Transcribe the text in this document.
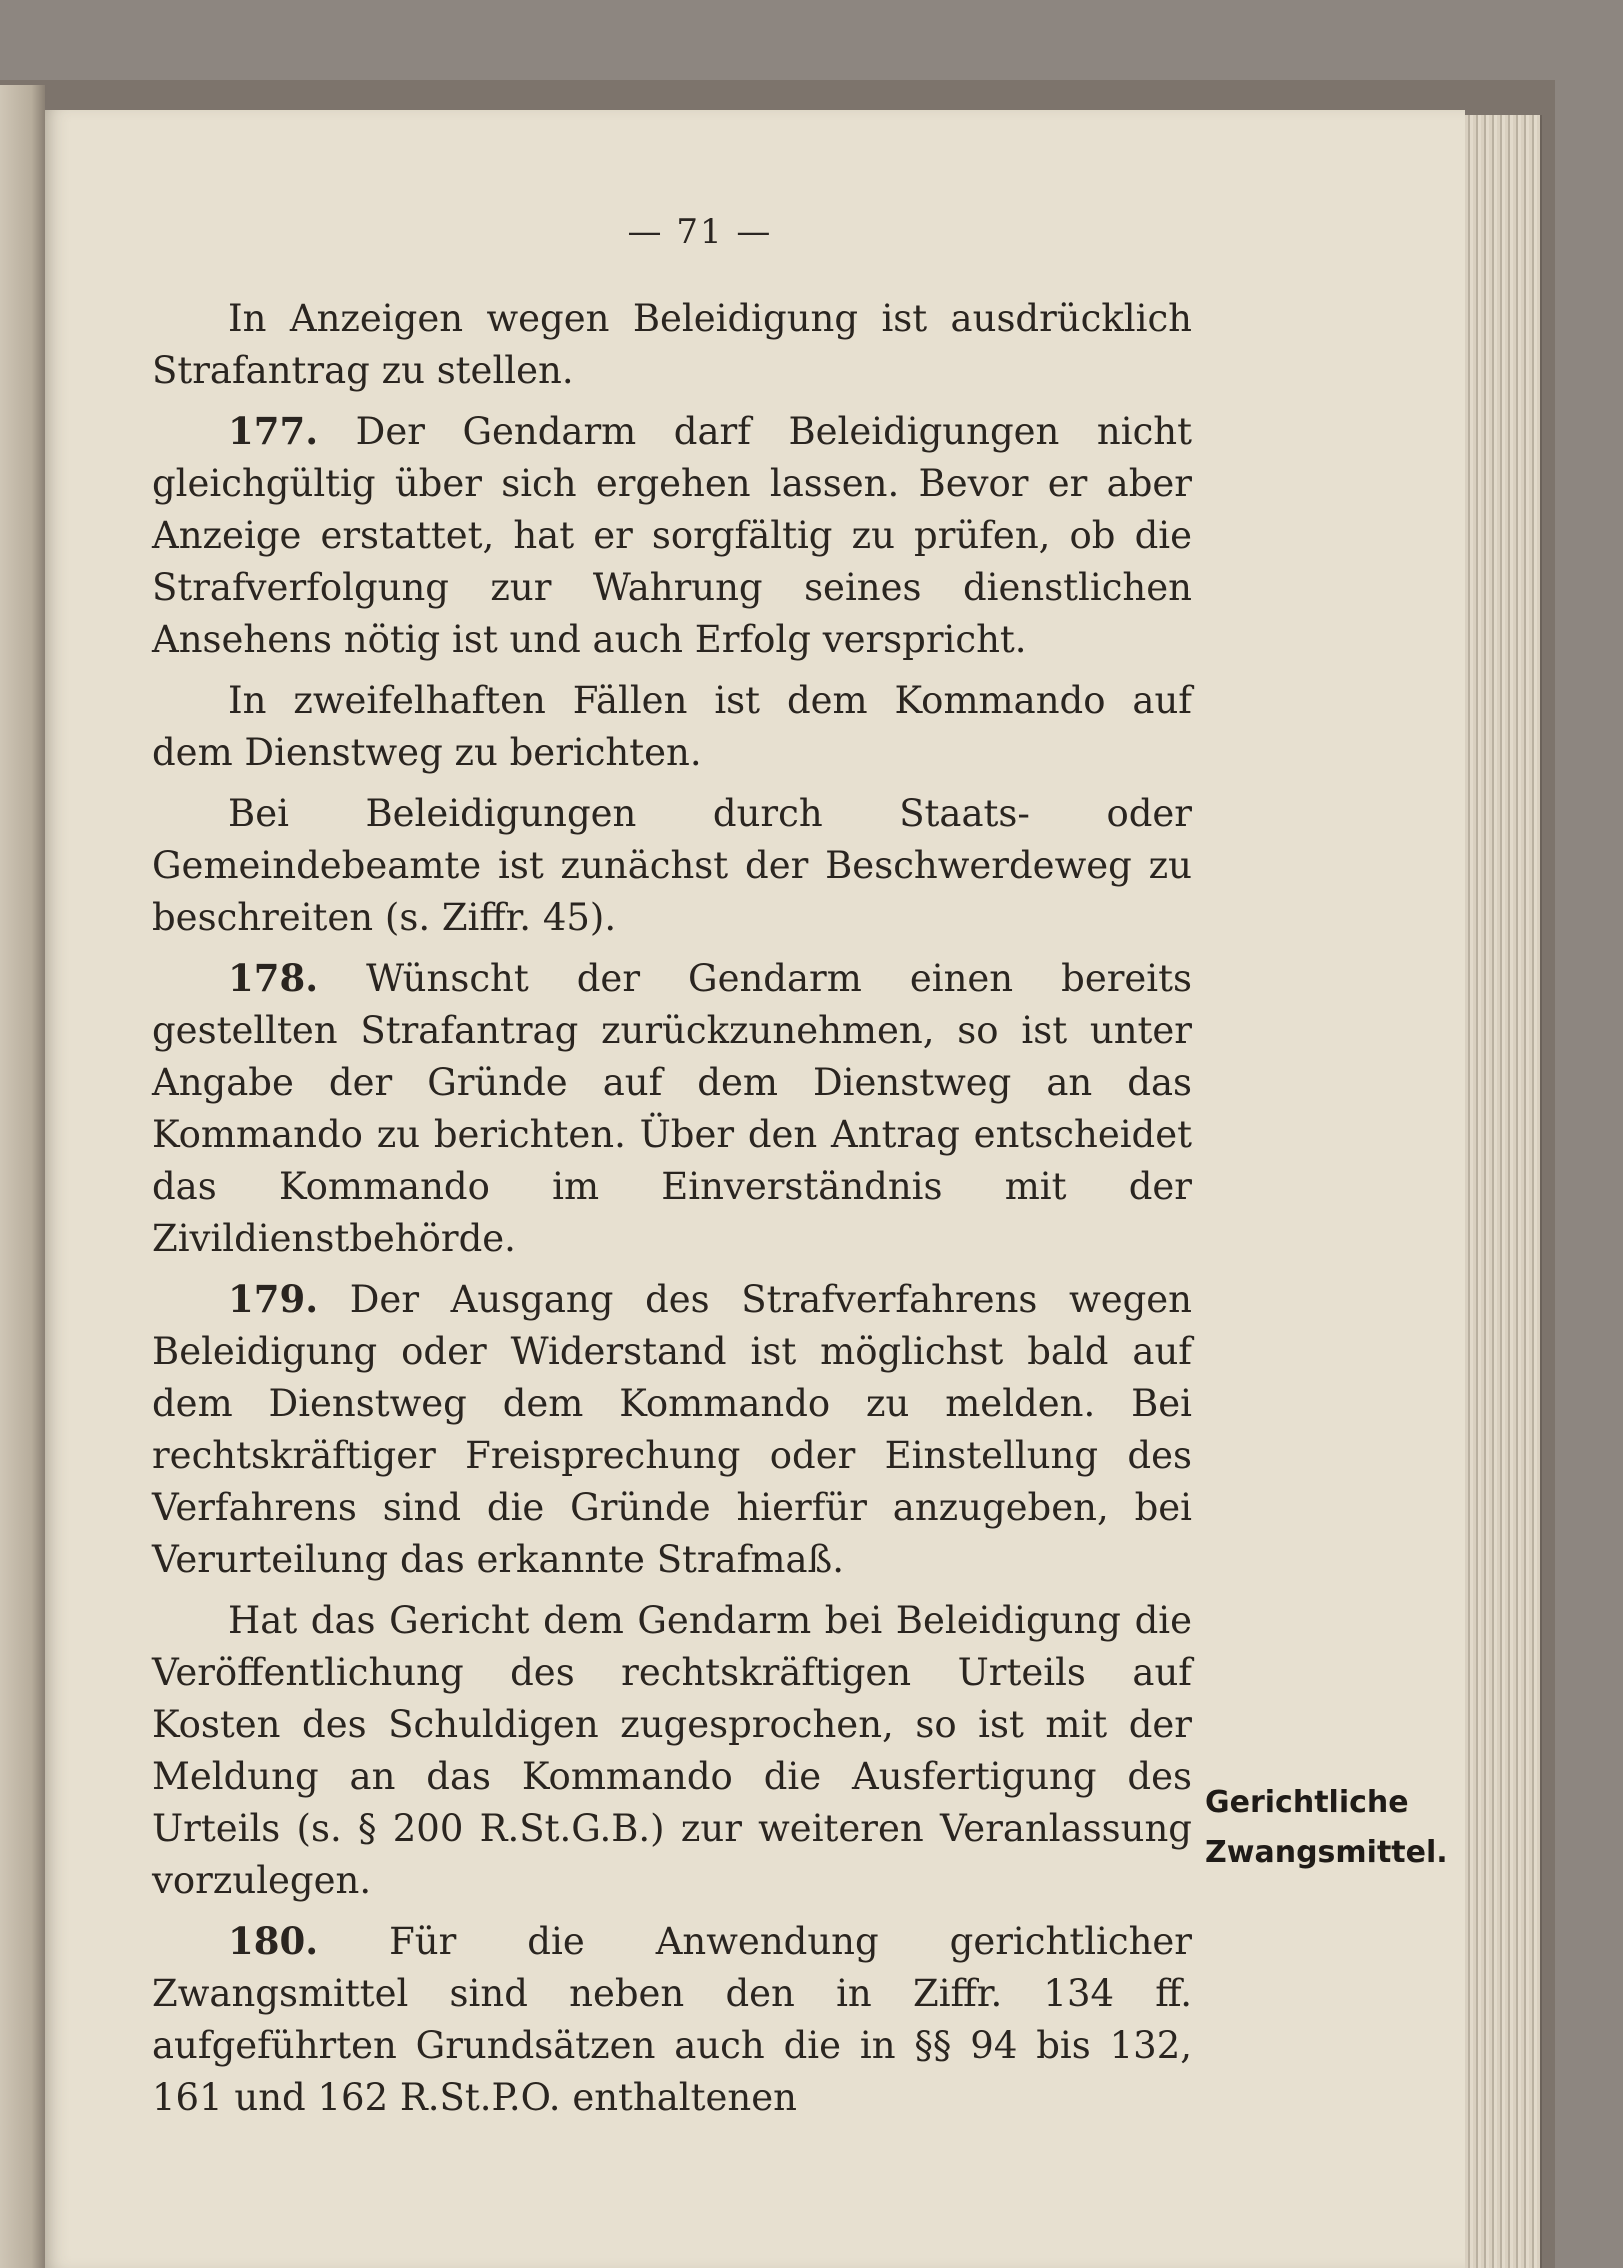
— 71 —

In Anzeigen wegen Beleidigung ist ausdrücklich Strafantrag zu stellen.

177. Der Gendarm darf Beleidigungen nicht gleichgültig über sich ergehen lassen. Bevor er aber Anzeige erstattet, hat er sorgfältig zu prüfen, ob die Strafverfolgung zur Wahrung seines dienstlichen Ansehens nötig ist und auch Erfolg verspricht.

In zweifelhaften Fällen ist dem Kommando auf dem Dienstweg zu berichten.

Bei Beleidigungen durch Staats- oder Gemeindebeamte ist zunächst der Beschwerdeweg zu beschreiten (s. Ziffr. 45).

178. Wünscht der Gendarm einen bereits gestellten Strafantrag zurückzunehmen, so ist unter Angabe der Gründe auf dem Dienstweg an das Kommando zu berichten. Über den Antrag entscheidet das Kommando im Einverständnis mit der Zivildienstbehörde.

179. Der Ausgang des Strafverfahrens wegen Beleidigung oder Widerstand ist möglichst bald auf dem Dienstweg dem Kommando zu melden. Bei rechtskräftiger Freisprechung oder Einstellung des Verfahrens sind die Gründe hierfür anzugeben, bei Verurteilung das erkannte Strafmaß.

Hat das Gericht dem Gendarm bei Beleidigung die Veröffentlichung des rechtskräftigen Urteils auf Kosten des Schuldigen zugesprochen, so ist mit der Meldung an das Kommando die Ausfertigung des Urteils (s. § 200 R.St.G.B.) zur weiteren Veranlassung vorzulegen.

180. Für die Anwendung gerichtlicher Zwangsmittel sind neben den in Ziffr. 134 ff. aufgeführten Grundsätzen auch die in §§ 94 bis 132, 161 und 162 R.St.P.O. enthaltenen

Gerichtliche
Zwangsmittel.
